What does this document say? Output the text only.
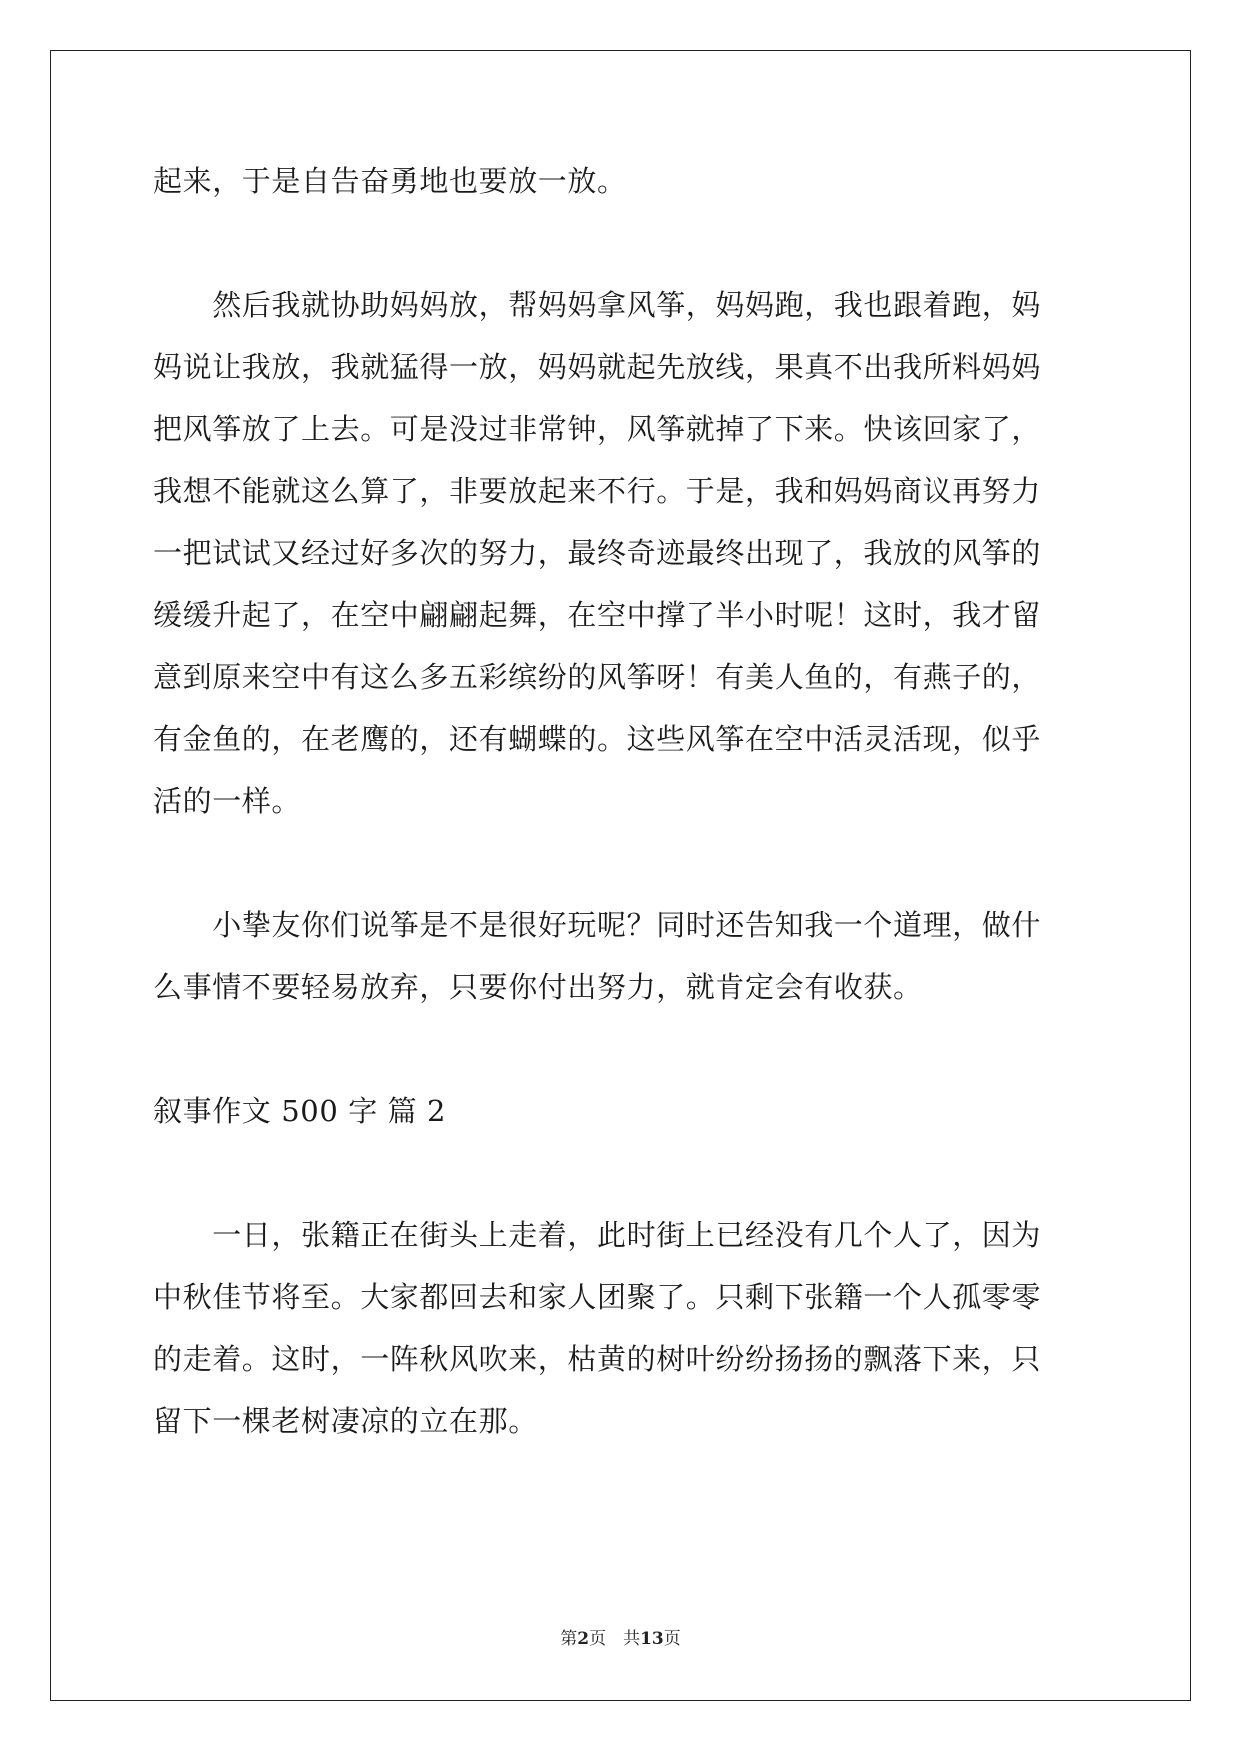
起来，于是自告奋勇地也要放一放。
　　然后我就协助妈妈放，帮妈妈拿风筝，妈妈跑，我也跟着跑，妈
妈说让我放，我就猛得一放，妈妈就起先放线，果真不出我所料妈妈
把风筝放了上去。可是没过非常钟，风筝就掉了下来。快该回家了，
我想不能就这么算了，非要放起来不行。于是，我和妈妈商议再努力
一把试试又经过好多次的努力，最终奇迹最终出现了，我放的风筝的
缓缓升起了，在空中翩翩起舞，在空中撑了半小时呢！这时，我才留
意到原来空中有这么多五彩缤纷的风筝呀！有美人鱼的，有燕子的，
有金鱼的，在老鹰的，还有蝴蝶的。这些风筝在空中活灵活现，似乎
活的一样。
　　小挚友你们说筝是不是很好玩呢？同时还告知我一个道理，做什
么事情不要轻易放弃，只要你付出努力，就肯定会有收获。
叙事作文 500 字 篇 2
　　一日，张籍正在街头上走着，此时街上已经没有几个人了，因为
中秋佳节将至。大家都回去和家人团聚了。只剩下张籍一个人孤零零
的走着。这时，一阵秋风吹来，枯黄的树叶纷纷扬扬的飘落下来，只
留下一棵老树凄凉的立在那。
第2页　共13页
